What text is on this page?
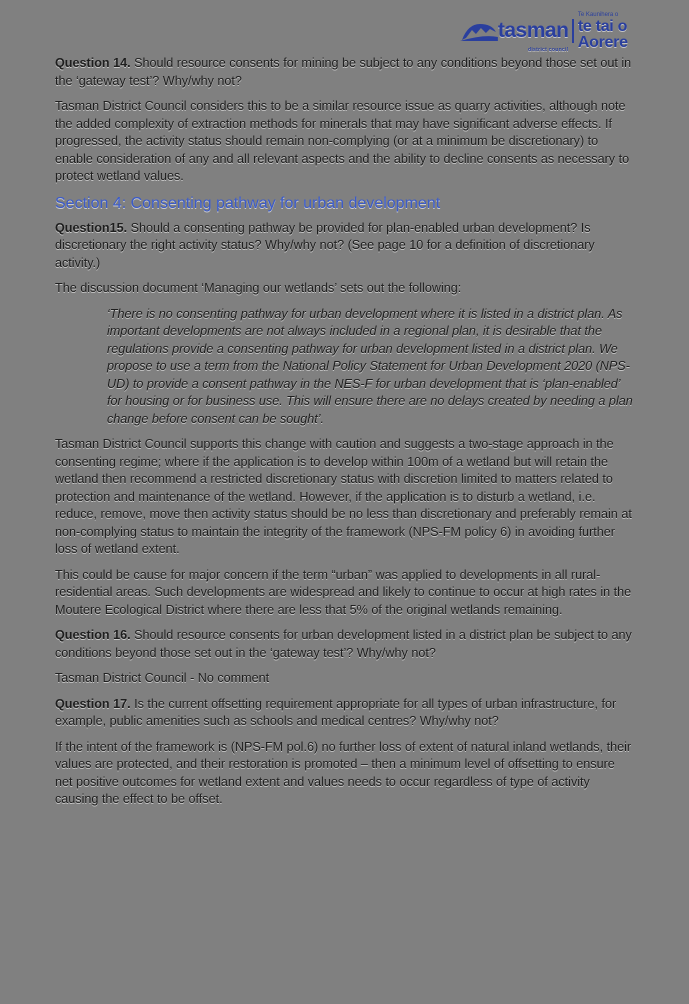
tasman
district council
Te Kaunihera o
te tai o Aorere

Question 14. Should resource consents for mining be subject to any conditions beyond those set out in the ‘gateway test’? Why/why not?

Tasman District Council considers this to be a similar resource issue as quarry activities, although note the added complexity of extraction methods for minerals that may have significant adverse effects. If progressed, the activity status should remain non-complying (or at a minimum be discretionary) to enable consideration of any and all relevant aspects and the ability to decline consents as necessary to protect wetland values.

Section 4: Consenting pathway for urban development

Question15. Should a consenting pathway be provided for plan-enabled urban development? Is discretionary the right activity status? Why/why not? (See page 10 for a definition of discretionary activity.)

The discussion document ‘Managing our wetlands’ sets out the following:

‘There is no consenting pathway for urban development where it is listed in a district plan. As important developments are not always included in a regional plan, it is desirable that the regulations provide a consenting pathway for urban development listed in a district plan. We propose to use a term from the National Policy Statement for Urban Development 2020 (NPS-UD) to provide a consent pathway in the NES-F for urban development that is ‘plan-enabled’ for housing or for business use. This will ensure there are no delays created by needing a plan change before consent can be sought’.

Tasman District Council supports this change with caution and suggests a two-stage approach in the consenting regime; where if the application is to develop within 100m of a wetland but will retain the wetland then recommend a restricted discretionary status with discretion limited to matters related to protection and maintenance of the wetland. However, if the application is to disturb a wetland, i.e. reduce, remove, move then activity status should be no less than discretionary and preferably remain at non-complying status to maintain the integrity of the framework (NPS-FM policy 6) in avoiding further loss of wetland extent.

This could be cause for major concern if the term “urban” was applied to developments in all rural-residential areas. Such developments are widespread and likely to continue to occur at high rates in the Moutere Ecological District where there are less that 5% of the original wetlands remaining.

Question 16. Should resource consents for urban development listed in a district plan be subject to any conditions beyond those set out in the ‘gateway test’? Why/why not?

Tasman District Council - No comment

Question 17. Is the current offsetting requirement appropriate for all types of urban infrastructure, for example, public amenities such as schools and medical centres? Why/why not?

If the intent of the framework is (NPS-FM pol.6) no further loss of extent of natural inland wetlands, their values are protected, and their restoration is promoted – then a minimum level of offsetting to ensure net positive outcomes for wetland extent and values needs to occur regardless of type of activity causing the effect to be offset.
